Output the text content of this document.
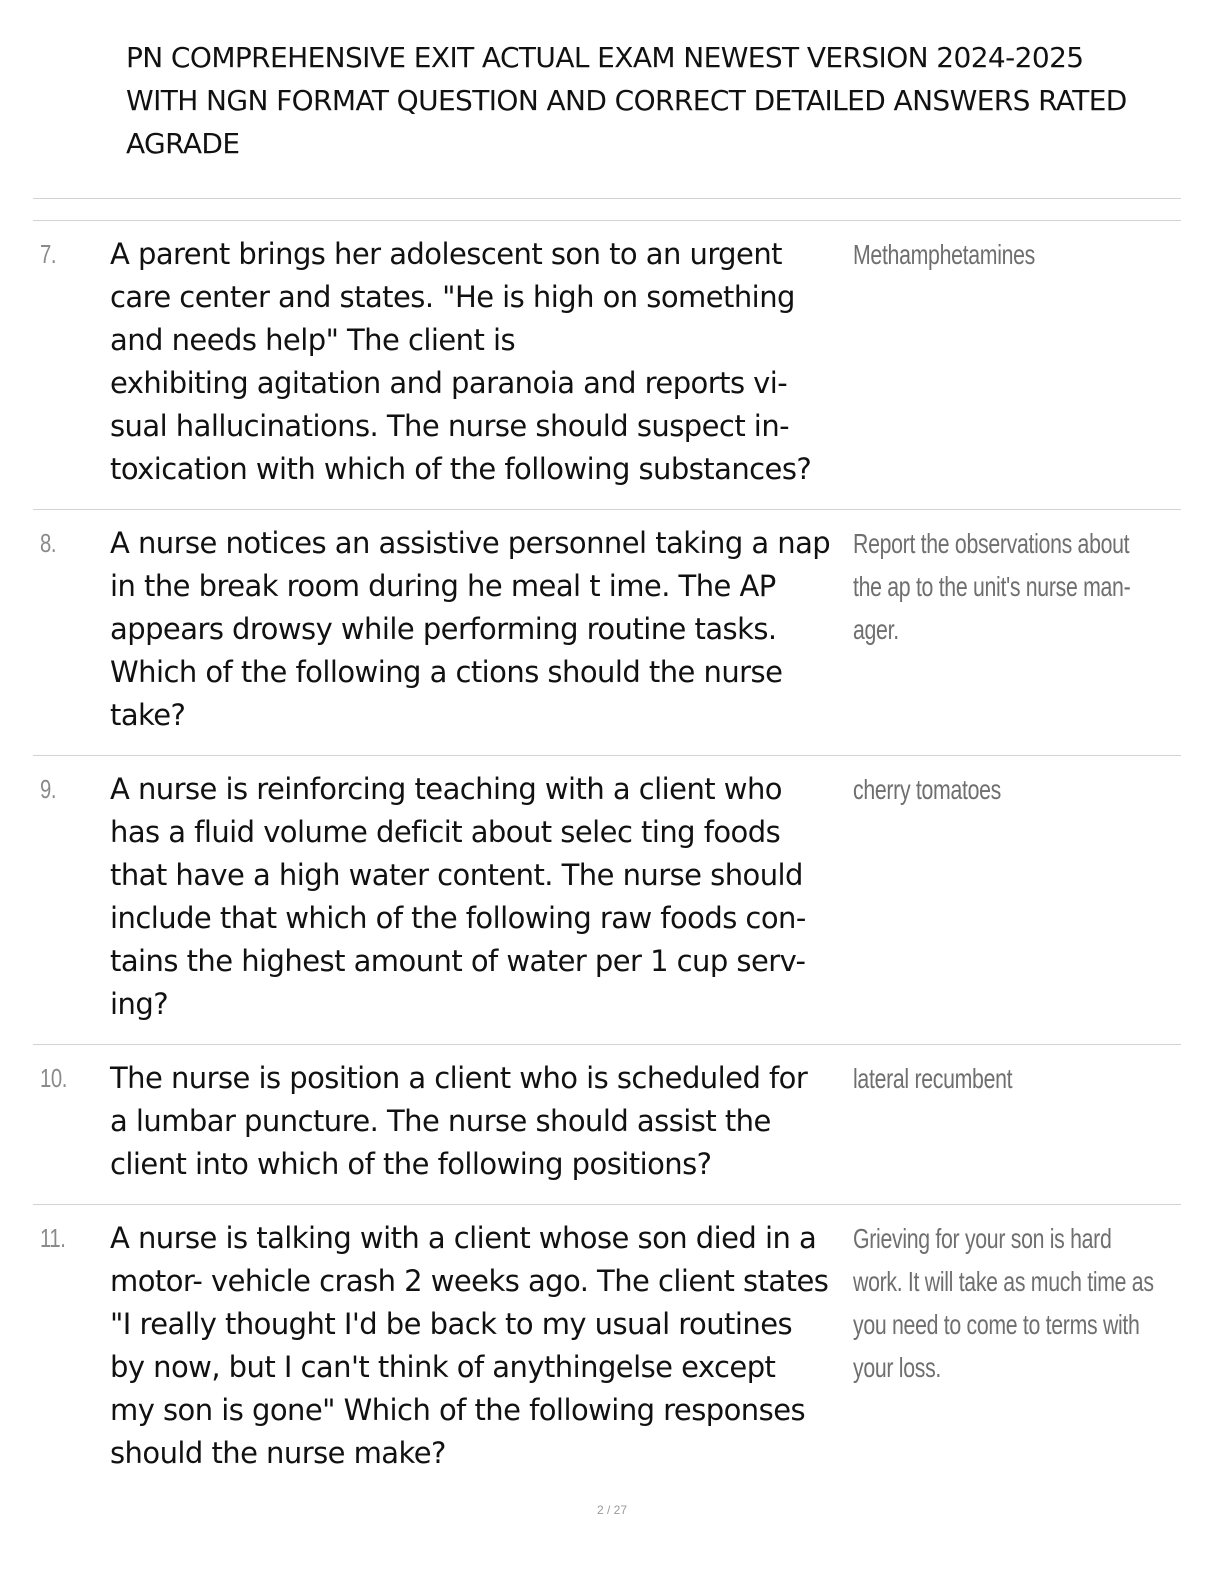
PN COMPREHENSIVE EXIT ACTUAL EXAM NEWEST VERSION 2024-2025
WITH NGN FORMAT QUESTION AND CORRECT DETAILED ANSWERS RATED
AGRADE
7. A parent brings her adolescent son to an urgent
care center and states. "He is high on something
and needs help" The client is
exhibiting agitation and paranoia and reports vi-
sual hallucinations. The nurse should suspect in-
toxication with which of the following substances?
Methamphetamines
8. A nurse notices an assistive personnel taking a nap
in the break room during he meal t ime. The AP
appears drowsy while performing routine tasks.
Which of the following a ctions should the nurse
take?
Report the observations about
the ap to the unit's nurse man-
ager.
9. A nurse is reinforcing teaching with a client who
has a fluid volume deficit about selec ting foods
that have a high water content. The nurse should
include that which of the following raw foods con-
tains the highest amount of water per 1 cup serv-
ing?
cherry tomatoes
10. The nurse is position a client who is scheduled for
a lumbar puncture. The nurse should assist the
client into which of the following positions?
lateral recumbent
11. A nurse is talking with a client whose son died in a
motor- vehicle crash 2 weeks ago. The client states
"I really thought I'd be back to my usual routines
by now, but I can't think of anythingelse except
my son is gone" Which of the following responses
should the nurse make?
Grieving for your son is hard
work. It will take as much time as
you need to come to terms with
your loss.
2 / 27
